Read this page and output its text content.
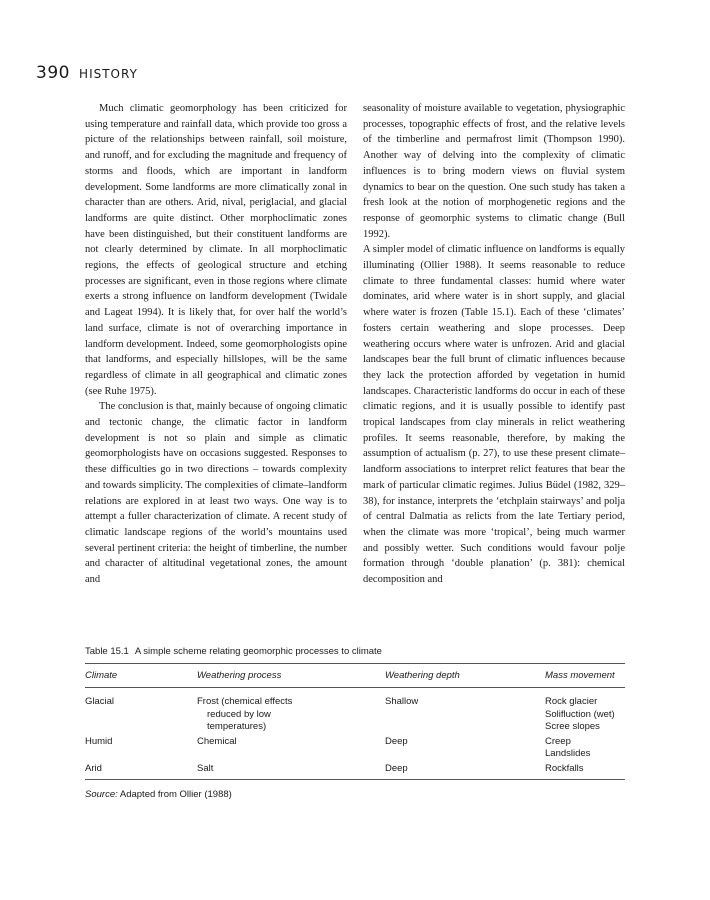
390 HISTORY

Much climatic geomorphology has been criticized for using temperature and rainfall data, which provide too gross a picture of the relationships between rainfall, soil moisture, and runoff, and for excluding the magnitude and frequency of storms and floods, which are important in landform development. Some landforms are more climatically zonal in character than are others. Arid, nival, periglacial, and glacial landforms are quite distinct. Other morphoclimatic zones have been distinguished, but their constituent landforms are not clearly determined by climate. In all morphoclimatic regions, the effects of geological structure and etching processes are significant, even in those regions where climate exerts a strong influence on landform development (Twidale and Lageat 1994). It is likely that, for over half the world’s land surface, climate is not of overarching importance in landform development. Indeed, some geomorphologists opine that landforms, and especially hillslopes, will be the same regardless of climate in all geographical and climatic zones (see Ruhe 1975).

The conclusion is that, mainly because of ongoing climatic and tectonic change, the climatic factor in landform development is not so plain and simple as climatic geomorphologists have on occasions suggested. Responses to these difficulties go in two directions – towards complexity and towards simplicity. The complexities of climate–landform relations are explored in at least two ways. One way is to attempt a fuller characterization of climate. A recent study of climatic landscape regions of the world’s mountains used several pertinent criteria: the height of timberline, the number and character of altitudinal vegetational zones, the amount and

seasonality of moisture available to vegetation, physiographic processes, topographic effects of frost, and the relative levels of the timberline and permafrost limit (Thompson 1990). Another way of delving into the complexity of climatic influences is to bring modern views on fluvial system dynamics to bear on the question. One such study has taken a fresh look at the notion of morphogenetic regions and the response of geomorphic systems to climatic change (Bull 1992).

A simpler model of climatic influence on landforms is equally illuminating (Ollier 1988). It seems reasonable to reduce climate to three fundamental classes: humid where water dominates, arid where water is in short supply, and glacial where water is frozen (Table 15.1). Each of these ‘climates’ fosters certain weathering and slope processes. Deep weathering occurs where water is unfrozen. Arid and glacial landscapes bear the full brunt of climatic influences because they lack the protection afforded by vegetation in humid landscapes. Characteristic landforms do occur in each of these climatic regions, and it is usually possible to identify past tropical landscapes from clay minerals in relict weathering profiles. It seems reasonable, therefore, by making the assumption of actualism (p. 27), to use these present climate–landform associations to interpret relict features that bear the mark of particular climatic regimes. Julius Büdel (1982, 329–38), for instance, interprets the ‘etchplain stairways’ and polja of central Dalmatia as relicts from the late Tertiary period, when the climate was more ‘tropical’, being much warmer and possibly wetter. Such conditions would favour polje formation through ‘double planation’ (p. 381): chemical decomposition and

Table 15.1 A simple scheme relating geomorphic processes to climate
Climate	Weathering process	Weathering depth	Mass movement
Glacial	Frost (chemical effects
reduced by low
temperatures)	Shallow	Rock glacier
Solifluction (wet)
Scree slopes

Humid	Chemical	Deep	Creep
Landslides

Arid	Salt	Deep	Rockfalls
Source: Adapted from Ollier (1988)
